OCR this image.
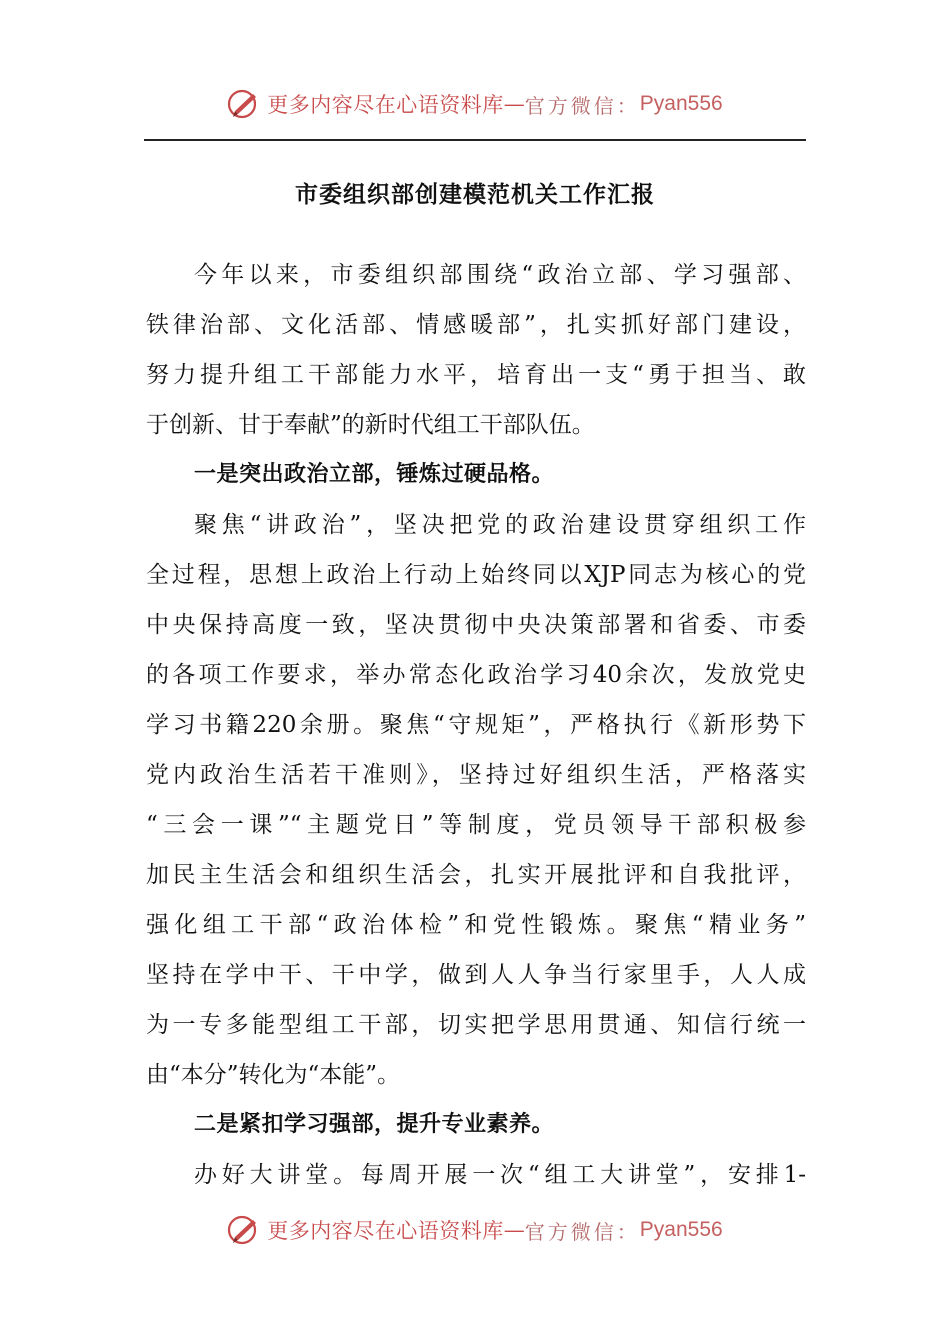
更多内容尽在心语资料库 — 官方微信： Pyan556
市委组织部创建模范机关工作汇报
今年以来，市委组织部围绕“政治立部、学习强部、
铁律治部、文化活部、情感暖部”，扎实抓好部门建设，
努力提升组工干部能力水平，培育出一支“勇于担当、敢
于创新、甘于奉献”的新时代组工干部队伍。
一是突出政治立部，锤炼过硬品格。
聚焦“讲政治”，坚决把党的政治建设贯穿组织工作
全过程，思想上政治上行动上始终同以XJP同志为核心的党
中央保持高度一致，坚决贯彻中央决策部署和省委、市委
的各项工作要求，举办常态化政治学习40余次，发放党史
学习书籍220余册。聚焦“守规矩”，严格执行《新形势下
党内政治生活若干准则》，坚持过好组织生活，严格落实
“三会一课”“主题党日”等制度，党员领导干部积极参
加民主生活会和组织生活会，扎实开展批评和自我批评，
强化组工干部“政治体检”和党性锻炼。聚焦“精业务”
坚持在学中干、干中学，做到人人争当行家里手，人人成
为一专多能型组工干部，切实把学思用贯通、知信行统一
由“本分”转化为“本能”。
二是紧扣学习强部，提升专业素养。
办好大讲堂。每周开展一次“组工大讲堂”，安排1-
更多内容尽在心语资料库 — 官方微信： Pyan556
